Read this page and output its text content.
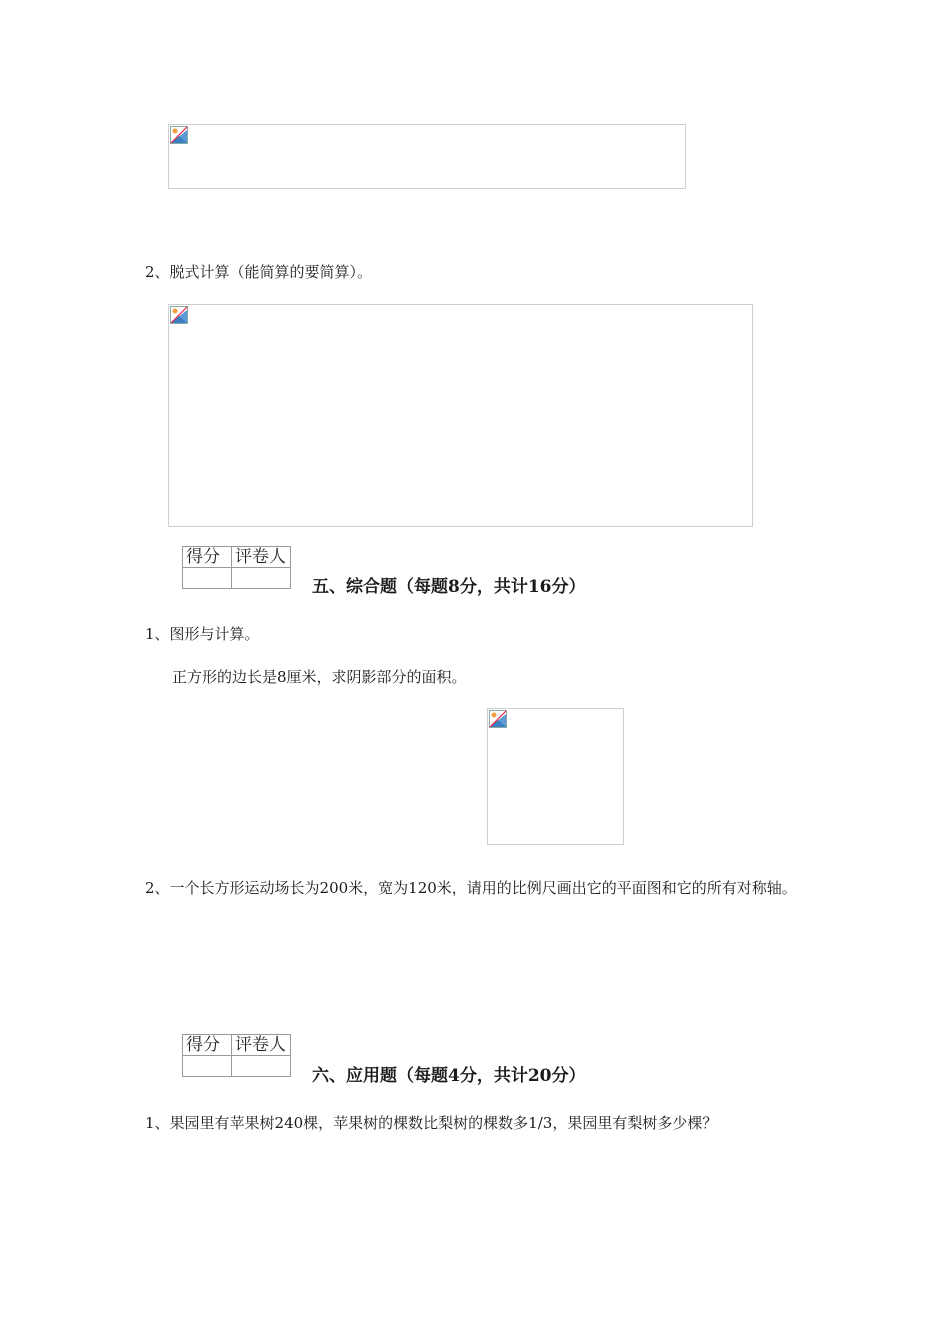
2、脱式计算（能简算的要简算）。
得分	评卷人

五、综合题（每题8分，共计16分）
1、图形与计算。
正方形的边长是8厘米，求阴影部分的面积。
2、一个长方形运动场长为200米，宽为120米，请用的比例尺画出它的平面图和它的所有对称轴。
得分	评卷人

六、应用题（每题4分，共计20分）
1、果园里有苹果树240棵，苹果树的棵数比梨树的棵数多1/3，果园里有梨树多少棵？
